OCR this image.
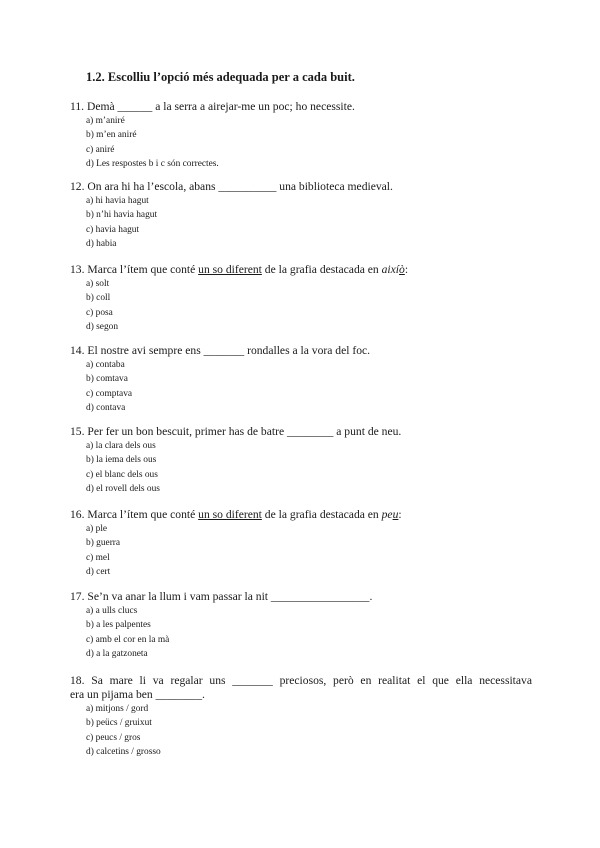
1.2. Escolliu l’opció més adequada per a cada buit.

11. Demà ______ a la serra a airejar-me un poc; ho necessite.

a) m’aniré
b) m’en aniré
c) aniré
d) Les respostes b i c són correctes.

12. On ara hi ha l’escola, abans __________ una biblioteca medieval.

a) hi havia hagut
b) n’hi havia hagut
c) havia hagut
d) habia

13. Marca l’ítem que conté un so diferent de la grafia destacada en aixíò:

a) solt
b) coll
c) posa
d) segon

14. El nostre avi sempre ens _______ rondalles a la vora del foc.

a) contaba
b) comtava
c) comptava
d) contava

15. Per fer un bon bescuit, primer has de batre ________ a punt de neu.

a) la clara dels ous
b) la iema dels ous
c) el blanc dels ous
d) el rovell dels ous

16. Marca l’ítem que conté un so diferent de la grafia destacada en peu:

a) ple
b) guerra
c) mel
d) cert

17. Se’n va anar la llum i vam passar la nit _________________.

a) a ulls clucs
b) a les palpentes
c) amb el cor en la mà
d) a la gatzoneta

18. Sa mare li va regalar uns _______ preciosos, però en realitat el que ella necessitava

era un pijama ben ________.

a) mitjons / gord
b) peücs / gruixut
c) peucs / gros
d) calcetins / grosso
